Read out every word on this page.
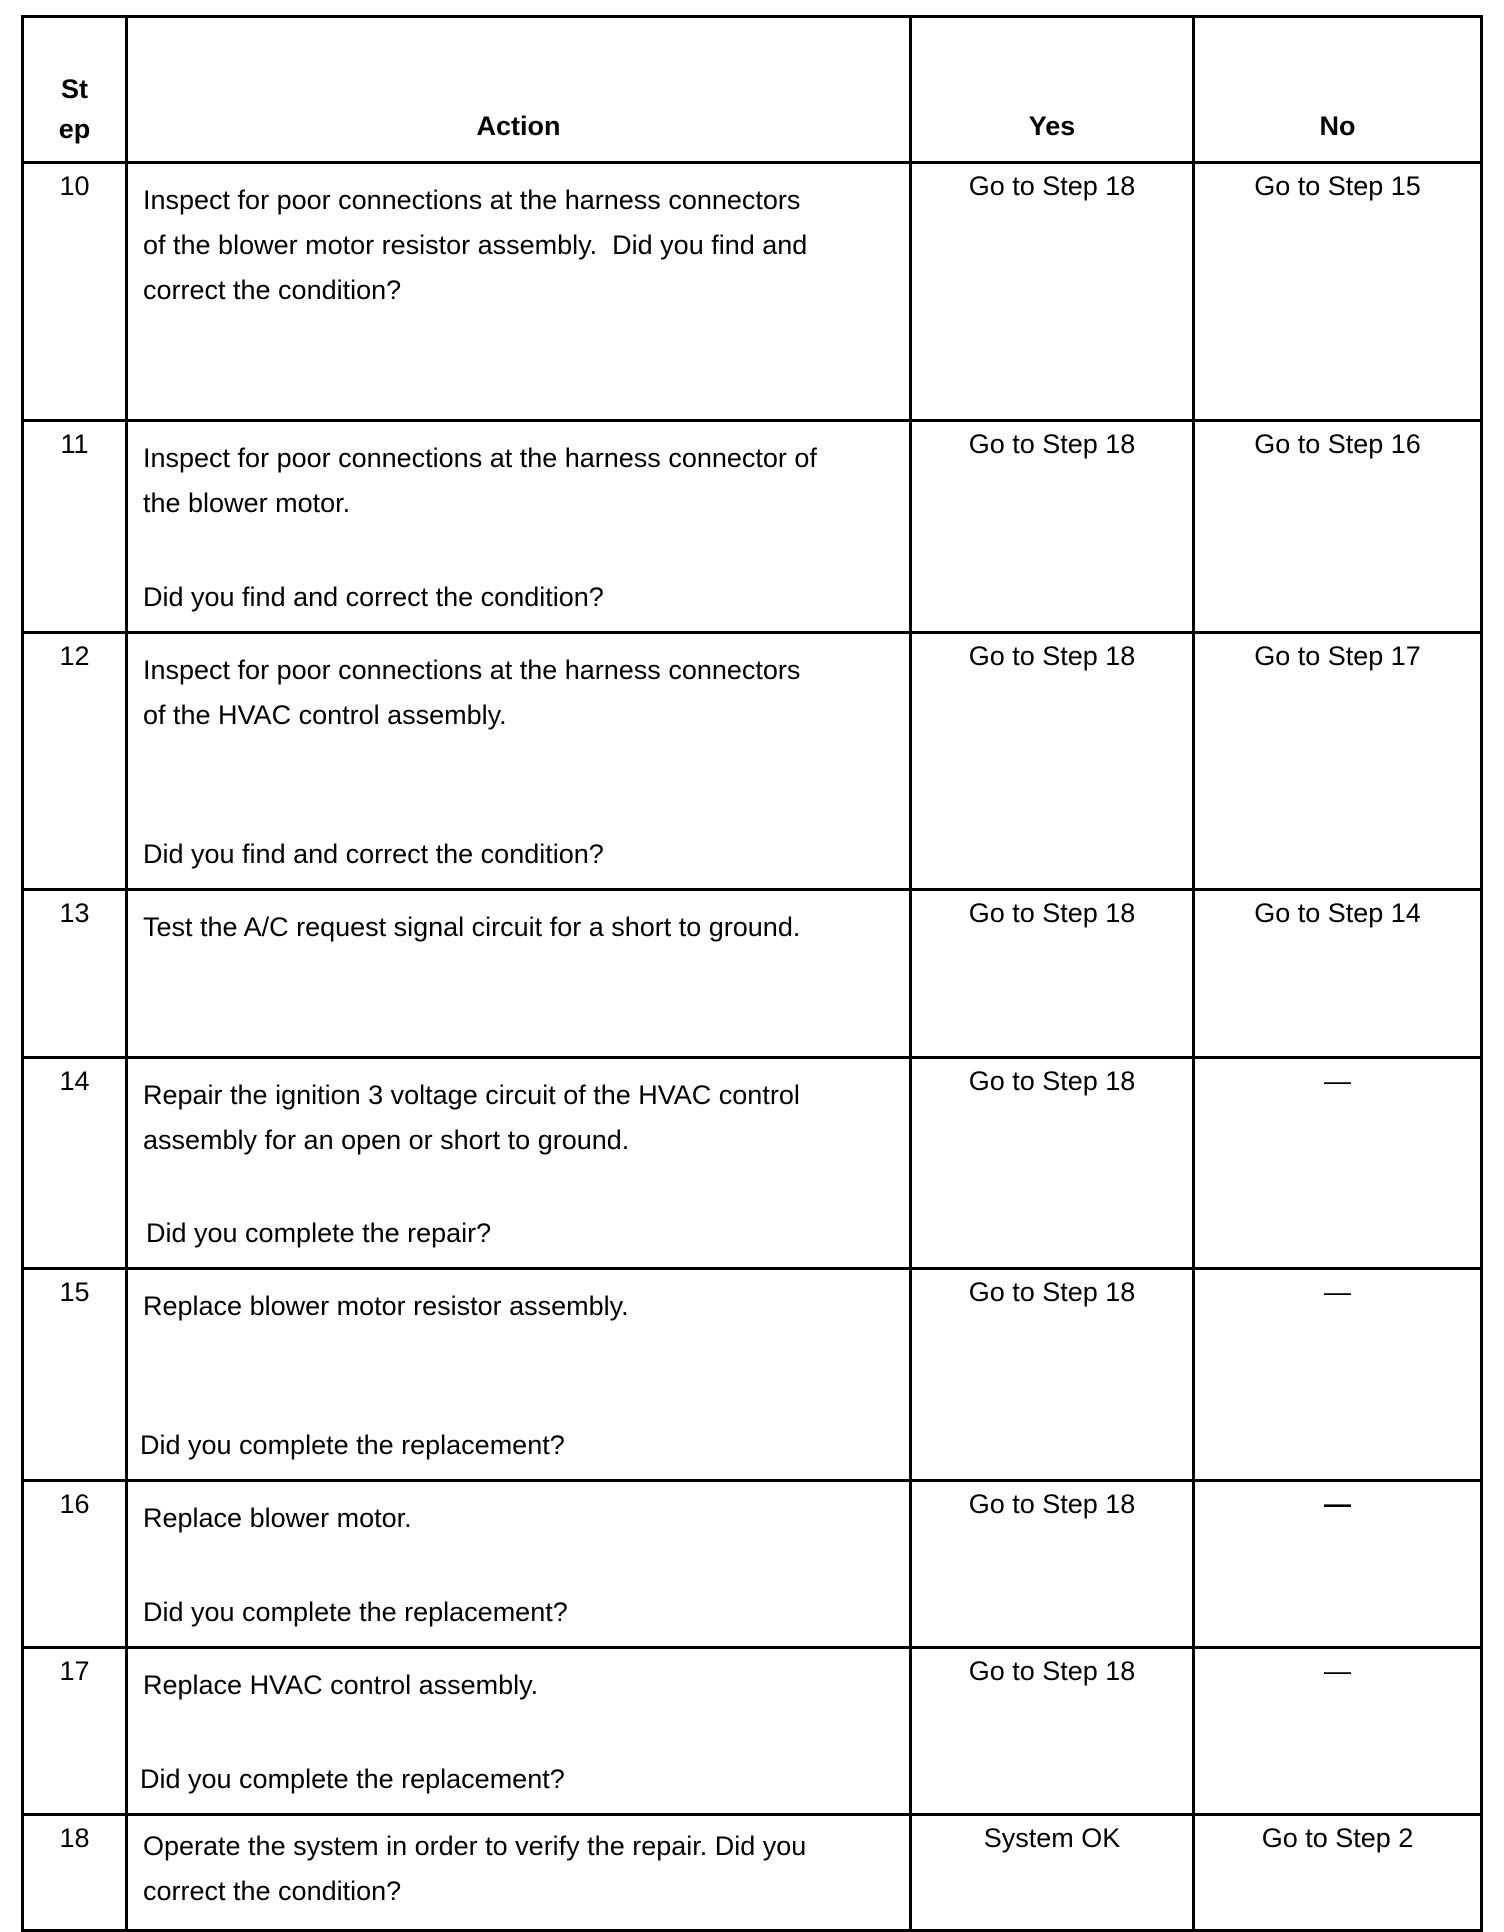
St
ep	Action	Yes	No
10	Inspect for poor connections at the harness connectors
of the blower motor resistor assembly.  Did you find and
correct the condition?	Go to Step 18	Go to Step 15
11	Inspect for poor connections at the harness connector of
the blower motor.
Did you find and correct the condition?	Go to Step 18	Go to Step 16
12	Inspect for poor connections at the harness connectors
of the HVAC control assembly.
Did you find and correct the condition?	Go to Step 18	Go to Step 17
13	Test the A/C request signal circuit for a short to ground.	Go to Step 18	Go to Step 14
14	Repair the ignition 3 voltage circuit of the HVAC control
assembly for an open or short to ground.
Did you complete the repair?	Go to Step 18	—
15	Replace blower motor resistor assembly.
Did you complete the replacement?	Go to Step 18	—
16	Replace blower motor.
Did you complete the replacement?	Go to Step 18	—
17	Replace HVAC control assembly.
Did you complete the replacement?	Go to Step 18	—
18	Operate the system in order to verify the repair. Did you
correct the condition?	System OK	Go to Step 2
